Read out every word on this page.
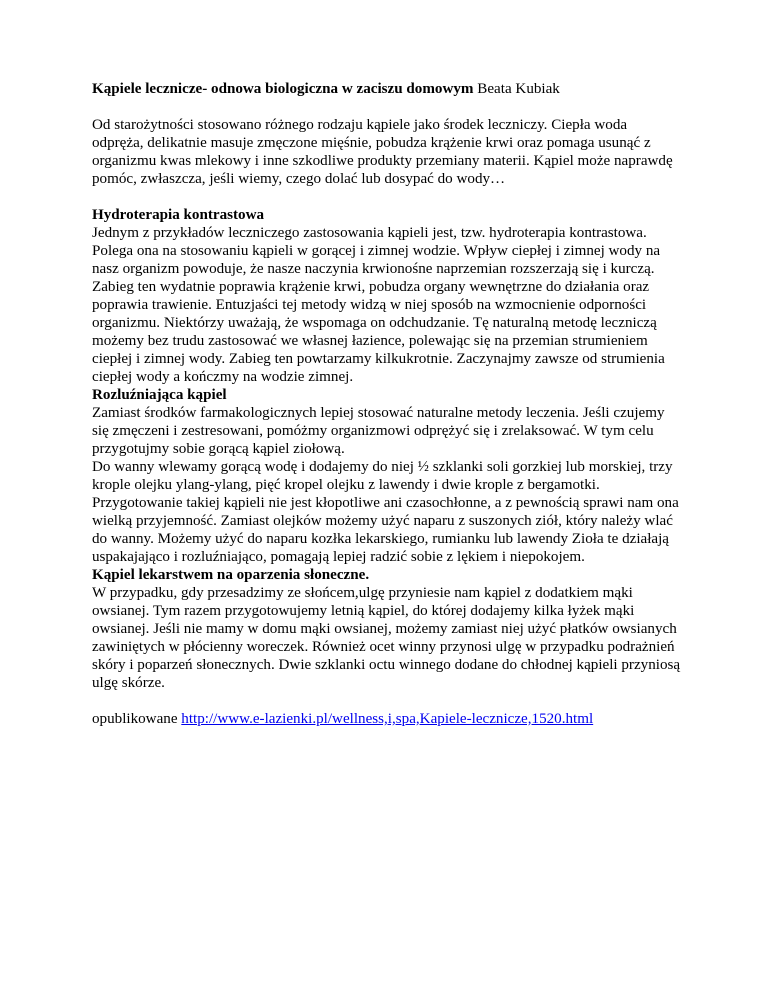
Kąpiele lecznicze- odnowa biologiczna w zaciszu domowym Beata Kubiak

Od starożytności stosowano różnego rodzaju kąpiele jako środek leczniczy. Ciepła woda odpręża, delikatnie masuje zmęczone mięśnie, pobudza krążenie krwi oraz pomaga usunąć z organizmu kwas mlekowy i inne szkodliwe produkty przemiany materii. Kąpiel może naprawdę pomóc, zwłaszcza, jeśli wiemy, czego dolać lub dosypać do wody…

Hydroterapia kontrastowa

Jednym z przykładów leczniczego zastosowania kąpieli jest, tzw. hydroterapia kontrastowa. Polega ona na stosowaniu kąpieli w gorącej i zimnej wodzie. Wpływ ciepłej i zimnej wody na nasz organizm powoduje, że nasze naczynia krwionośne naprzemian rozszerzają się i kurczą. Zabieg ten wydatnie poprawia krążenie krwi, pobudza organy wewnętrzne do działania oraz poprawia trawienie. Entuzjaści tej metody widzą w niej sposób na wzmocnienie odporności organizmu. Niektórzy uważają, że wspomaga on odchudzanie. Tę naturalną metodę leczniczą możemy bez trudu zastosować we własnej łazience, polewając się na przemian strumieniem ciepłej i zimnej wody. Zabieg ten powtarzamy kilkukrotnie. Zaczynajmy zawsze od strumienia ciepłej wody a kończmy na wodzie zimnej.

Rozluźniająca kąpiel

Zamiast środków farmakologicznych lepiej stosować naturalne metody leczenia. Jeśli czujemy się zmęczeni i zestresowani, pomóżmy organizmowi odprężyć się i zrelaksować. W tym celu przygotujmy sobie gorącą kąpiel ziołową.

Do wanny wlewamy gorącą wodę i dodajemy do niej ½ szklanki soli gorzkiej lub morskiej, trzy krople olejku ylang-ylang, pięć kropel olejku z lawendy i dwie krople z bergamotki. Przygotowanie takiej kąpieli nie jest kłopotliwe ani czasochłonne, a z pewnością sprawi nam ona wielką przyjemność. Zamiast olejków możemy użyć naparu z suszonych ziół, który należy wlać do wanny. Możemy użyć do naparu kozłka lekarskiego, rumianku lub lawendy Zioła te działają uspakajająco i rozluźniająco, pomagają lepiej radzić sobie z lękiem i niepokojem.

Kąpiel lekarstwem na oparzenia słoneczne.

W przypadku, gdy przesadzimy ze słońcem,ulgę przyniesie nam kąpiel z dodatkiem mąki owsianej. Tym razem przygotowujemy letnią kąpiel, do której dodajemy kilka łyżek mąki owsianej. Jeśli nie mamy w domu mąki owsianej, możemy zamiast niej użyć płatków owsianych zawiniętych w płócienny woreczek. Również ocet winny przynosi ulgę w przypadku podrażnień skóry i poparzeń słonecznych. Dwie szklanki octu winnego dodane do chłodnej kąpieli przyniosą ulgę skórze.

opublikowane http://www.e-lazienki.pl/wellness,i,spa,Kapiele-lecznicze,1520.html
